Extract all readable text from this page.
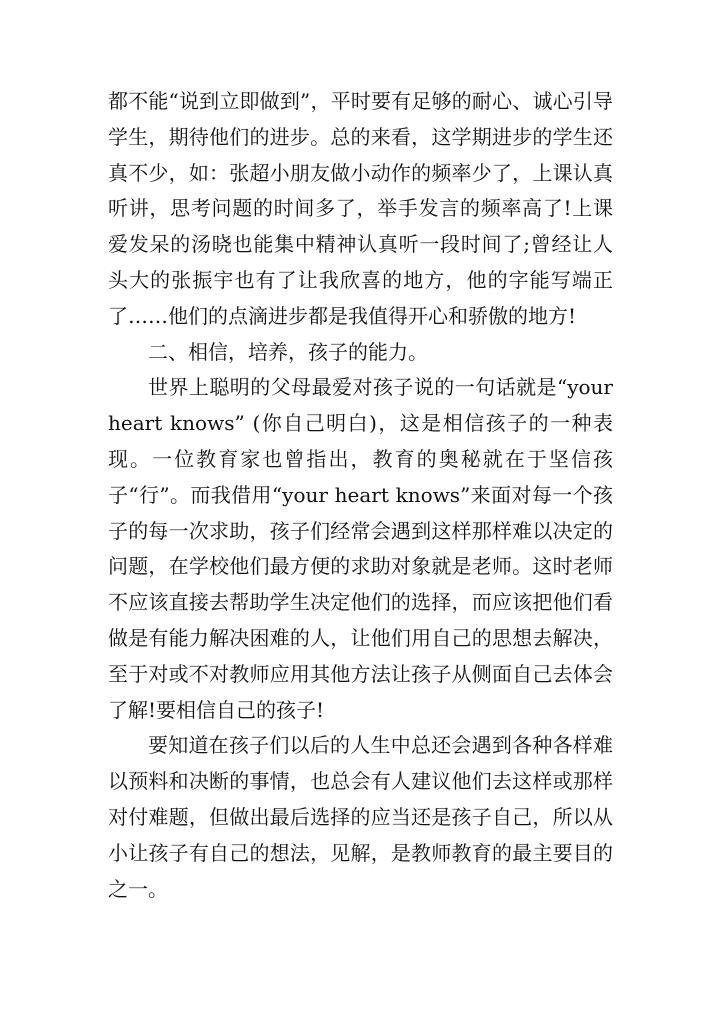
都不能“说到立即做到”，平时要有足够的耐心、诚心引导学生，期待他们的进步。总的来看，这学期进步的学生还真不少，如：张超小朋友做小动作的频率少了，上课认真听讲，思考问题的时间多了，举手发言的频率高了!上课爱发呆的汤晓也能集中精神认真听一段时间了;曾经让人头大的张振宇也有了让我欣喜的地方，他的字能写端正了……他们的点滴进步都是我值得开心和骄傲的地方!

二、相信，培养，孩子的能力。

世界上聪明的父母最爱对孩子说的一句话就是“your heart knows” (你自己明白)，这是相信孩子的一种表现。一位教育家也曾指出，教育的奥秘就在于坚信孩子“行”。而我借用“your heart knows”来面对每一个孩子的每一次求助，孩子们经常会遇到这样那样难以决定的问题，在学校他们最方便的求助对象就是老师。这时老师不应该直接去帮助学生决定他们的选择，而应该把他们看做是有能力解决困难的人，让他们用自己的思想去解决，至于对或不对教师应用其他方法让孩子从侧面自己去体会了解!要相信自己的孩子!

要知道在孩子们以后的人生中总还会遇到各种各样难以预料和决断的事情，也总会有人建议他们去这样或那样对付难题，但做出最后选择的应当还是孩子自己，所以从小让孩子有自己的想法，见解，是教师教育的最主要目的之一。
